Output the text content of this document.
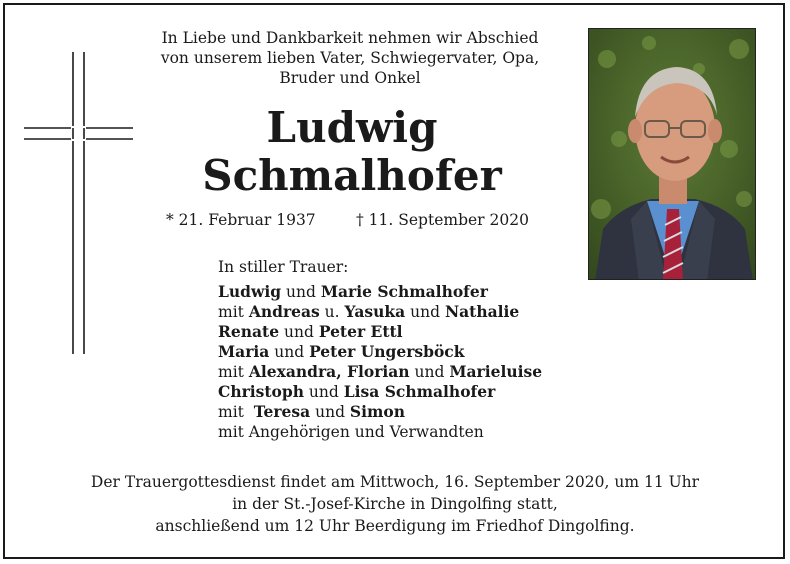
In Liebe und Dankbarkeit nehmen wir Abschied
von unserem lieben Vater, Schwiegervater, Opa,
Bruder und Onkel
Ludwig
Schmalhofer
* 21. Februar 1937	† 11. September 2020
In stiller Trauer:
Ludwig und Marie Schmalhofer
mit Andreas u. Yasuka und Nathalie
Renate und Peter Ettl
Maria und Peter Ungersböck
mit Alexandra, Florian und Marieluise
Christoph und Lisa Schmalhofer
mit  Teresa und Simon
mit Angehörigen und Verwandten
Der Trauergottesdienst findet am Mittwoch, 16. September 2020, um 11 Uhr
in der St.-Josef-Kirche in Dingolfing statt,
anschließend um 12 Uhr Beerdigung im Friedhof Dingolfing.
